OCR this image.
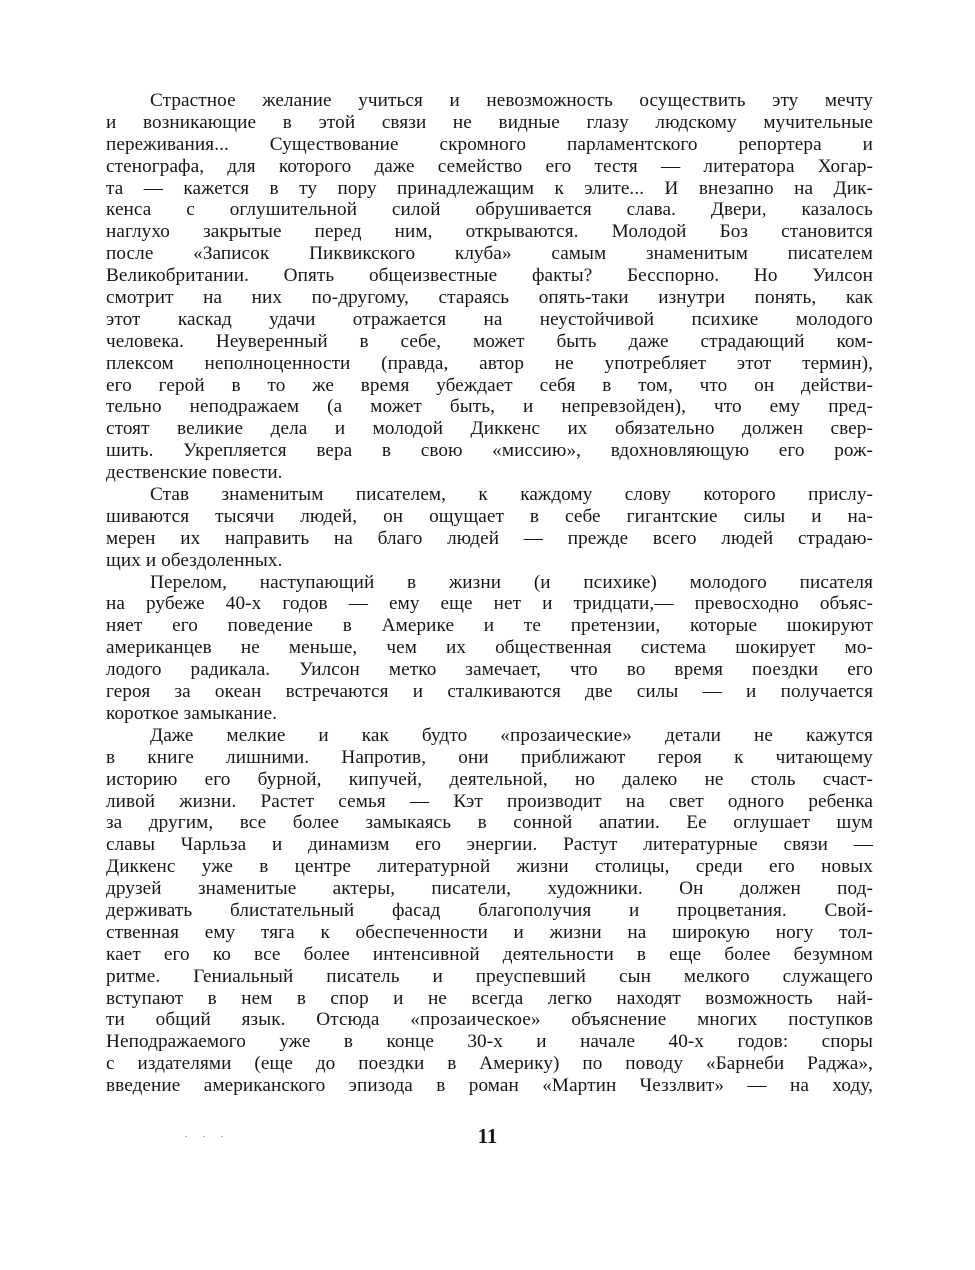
Страстное желание учиться и невозможность осуществить эту мечту
и возникающие в этой связи не видные глазу людскому мучительные
переживания... Существование скромного парламентского репортера и
стенографа, для которого даже семейство его тестя — литератора Хогар-
та — кажется в ту пору принадлежащим к элите... И внезапно на Дик-
кенса с оглушительной силой обрушивается слава. Двери, казалось
наглухо закрытые перед ним, открываются. Молодой Боз становится
после «Записок Пиквикского клуба» самым знаменитым писателем
Великобритании. Опять общеизвестные факты? Бесспорно. Но Уилсон
смотрит на них по-другому, стараясь опять-таки изнутри понять, как
этот каскад удачи отражается на неустойчивой психике молодого
человека. Неуверенный в себе, может быть даже страдающий ком-
плексом неполноценности (правда, автор не употребляет этот термин),
его герой в то же время убеждает себя в том, что он действи-
тельно неподражаем (а может быть, и непревзойден), что ему пред-
стоят великие дела и молодой Диккенс их обязательно должен свер-
шить. Укрепляется вера в свою «миссию», вдохновляющую его рож-
дественские повести.
Став знаменитым писателем, к каждому слову которого прислу-
шиваются тысячи людей, он ощущает в себе гигантские силы и на-
мерен их направить на благо людей — прежде всего людей страдаю-
щих и обездоленных.
Перелом, наступающий в жизни (и психике) молодого писателя
на рубеже 40-х годов — ему еще нет и тридцати,— превосходно объяс-
няет его поведение в Америке и те претензии, которые шокируют
американцев не меньше, чем их общественная система шокирует мо-
лодого радикала. Уилсон метко замечает, что во время поездки его
героя за океан встречаются и сталкиваются две силы — и получается
короткое замыкание.
Даже мелкие и как будто «прозаические» детали не кажутся
в книге лишними. Напротив, они приближают героя к читающему
историю его бурной, кипучей, деятельной, но далеко не столь счаст-
ливой жизни. Растет семья — Кэт производит на свет одного ребенка
за другим, все более замыкаясь в сонной апатии. Ее оглушает шум
славы Чарльза и динамизм его энергии. Растут литературные связи —
Диккенс уже в центре литературной жизни столицы, среди его новых
друзей знаменитые актеры, писатели, художники. Он должен под-
держивать блистательный фасад благополучия и процветания. Свой-
ственная ему тяга к обеспеченности и жизни на широкую ногу тол-
кает его ко все более интенсивной деятельности в еще более безумном
ритме. Гениальный писатель и преуспевший сын мелкого служащего
вступают в нем в спор и не всегда легко находят возможность най-
ти общий язык. Отсюда «прозаическое» объяснение многих поступков
Неподражаемого уже в конце 30-х и начале 40-х годов: споры
с издателями (еще до поездки в Америку) по поводу «Барнеби Раджа»,
введение американского эпизода в роман «Мартин Чеззлвит» — на ходу,
11
